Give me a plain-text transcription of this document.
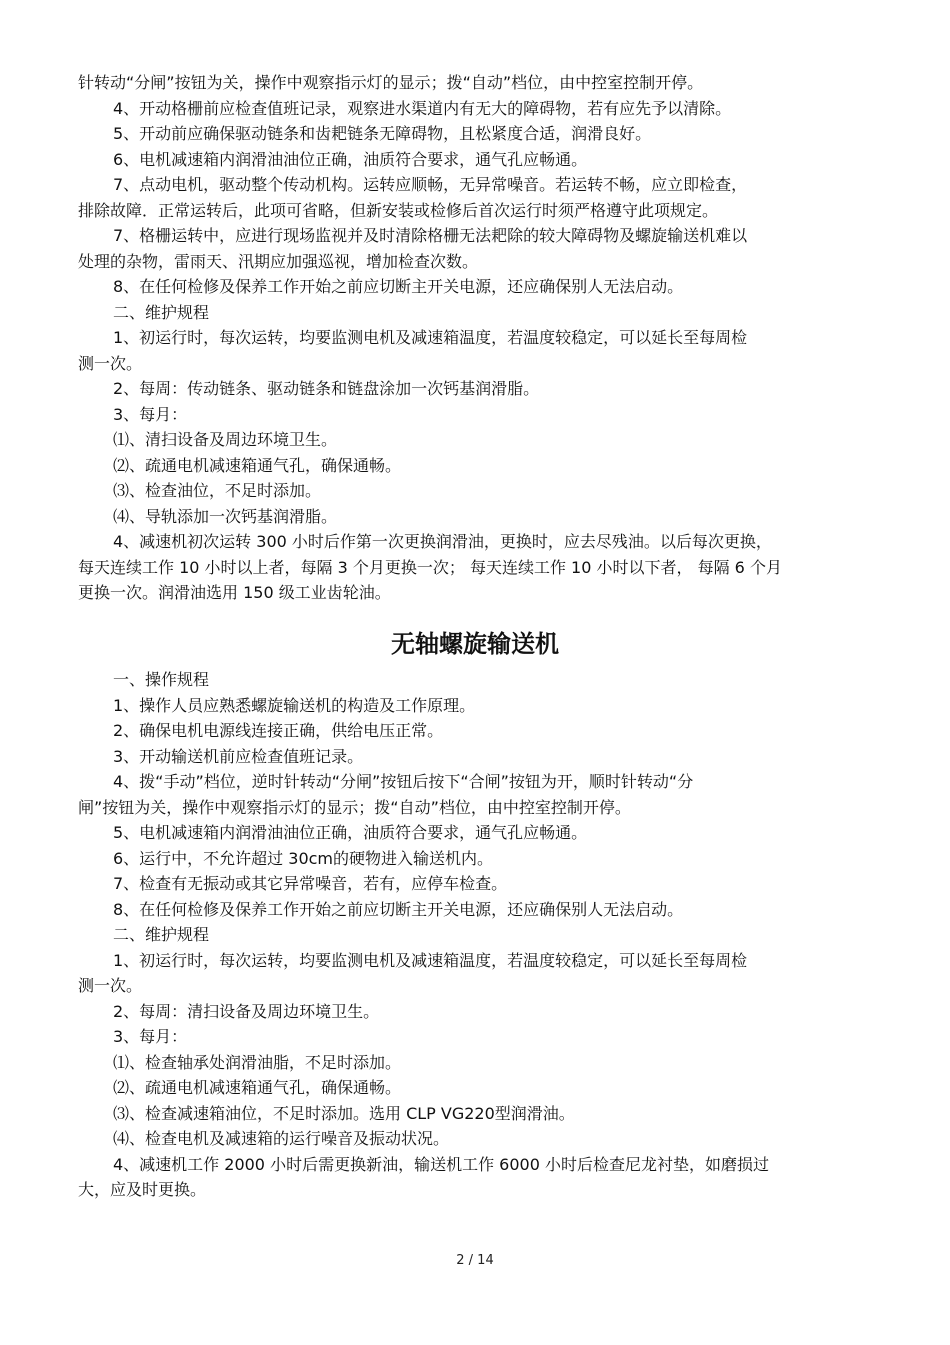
针转动“分闸”按钮为关，操作中观察指示灯的显示；拨“自动”档位，由中控室控制开停。

4、开动格栅前应检查值班记录，观察进水渠道内有无大的障碍物，若有应先予以清除。

5、开动前应确保驱动链条和齿耙链条无障碍物，且松紧度合适，润滑良好。

6、电机减速箱内润滑油油位正确，油质符合要求，通气孔应畅通。

7、点动电机，驱动整个传动机构。运转应顺畅，无异常噪音。若运转不畅，应立即检查，

排除故障．正常运转后，此项可省略，但新安装或检修后首次运行时须严格遵守此项规定。

7、格栅运转中，应进行现场监视并及时清除格栅无法耙除的较大障碍物及螺旋输送机难以

处理的杂物，雷雨天、汛期应加强巡视，增加检查次数。

8、在任何检修及保养工作开始之前应切断主开关电源，还应确保别人无法启动。

二、维护规程

1、初运行时，每次运转，均要监测电机及减速箱温度，若温度较稳定，可以延长至每周检

测一次。

2、每周：传动链条、驱动链条和链盘涂加一次钙基润滑脂。

3、每月：

⑴、清扫设备及周边环境卫生。

⑵、疏通电机减速箱通气孔，确保通畅。

⑶、检查油位，不足时添加。

⑷、导轨添加一次钙基润滑脂。

4、减速机初次运转 300 小时后作第一次更换润滑油，更换时，应去尽残油。以后每次更换，

每天连续工作 10 小时以上者，每隔 3 个月更换一次； 每天连续工作 10 小时以下者， 每隔 6 个月

更换一次。润滑油选用 150 级工业齿轮油。

无轴螺旋输送机

一、操作规程

1、操作人员应熟悉螺旋输送机的构造及工作原理。

2、确保电机电源线连接正确，供给电压正常。

3、开动输送机前应检查值班记录。

4、拨“手动”档位，逆时针转动“分闸”按钮后按下“合闸”按钮为开，顺时针转动“分

闸”按钮为关，操作中观察指示灯的显示；拨“自动”档位，由中控室控制开停。

5、电机减速箱内润滑油油位正确，油质符合要求，通气孔应畅通。

6、运行中，不允许超过 30cm的硬物进入输送机内。

7、检查有无振动或其它异常噪音，若有，应停车检查。

8、在任何检修及保养工作开始之前应切断主开关电源，还应确保别人无法启动。

二、维护规程

1、初运行时，每次运转，均要监测电机及减速箱温度，若温度较稳定，可以延长至每周检

测一次。

2、每周：清扫设备及周边环境卫生。

3、每月：

⑴、检查轴承处润滑油脂，不足时添加。

⑵、疏通电机减速箱通气孔，确保通畅。

⑶、检查减速箱油位，不足时添加。选用 CLP VG220型润滑油。

⑷、检查电机及减速箱的运行噪音及振动状况。

4、减速机工作 2000 小时后需更换新油，输送机工作 6000 小时后检查尼龙衬垫，如磨损过

大，应及时更换。

2 / 14
